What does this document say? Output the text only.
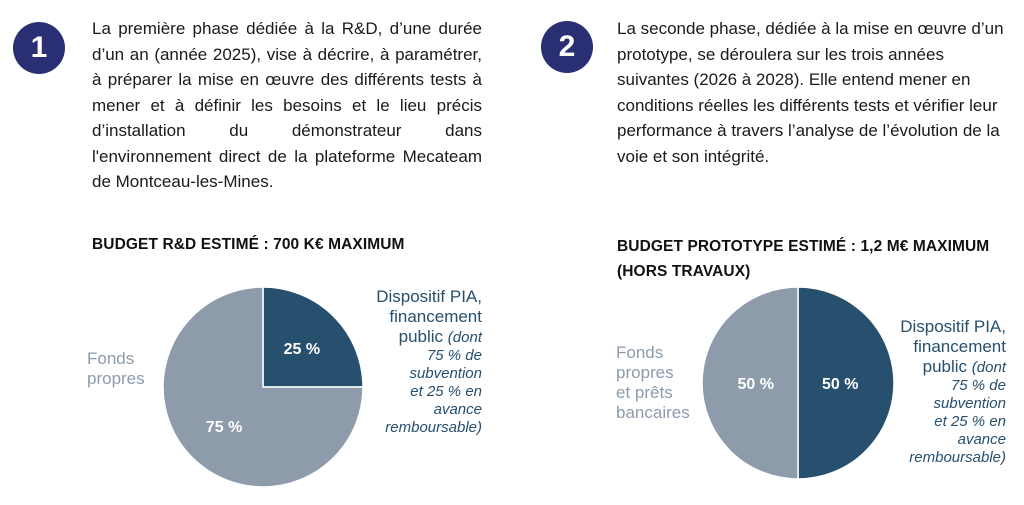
1
La première phase dédiée à la R&D, d’une durée d’un an (année 2025), vise à décrire, à paramétrer, à préparer la mise en œuvre des différents tests à mener et à définir les besoins et le lieu précis d’installation du démonstrateur dans l'environnement direct de la plateforme Mecateam de Montceau-les-Mines.
BUDGET R&D ESTIMÉ : 700 K€ MAXIMUM
2
La seconde phase, dédiée à la mise en œuvre d’un prototype, se déroulera sur les trois années suivantes (2026 à 2028). Elle entend mener en conditions réelles les différents tests et vérifier leur performance à travers l’analyse de l’évolution de la voie et son intégrité.
BUDGET PROTOTYPE ESTIMÉ : 1,2 M€ MAXIMUM (HORS TRAVAUX)
25 %
75 %
Dispositif PIA,
financement
public (dont
75 % de
subvention
et 25 % en
avance
remboursable)
Fonds
propres	50 %
50 %
Dispositif PIA,
financement
public (dont
75 % de
subvention
et 25 % en
avance
remboursable)
Fonds
propres
et prêts
bancaires
